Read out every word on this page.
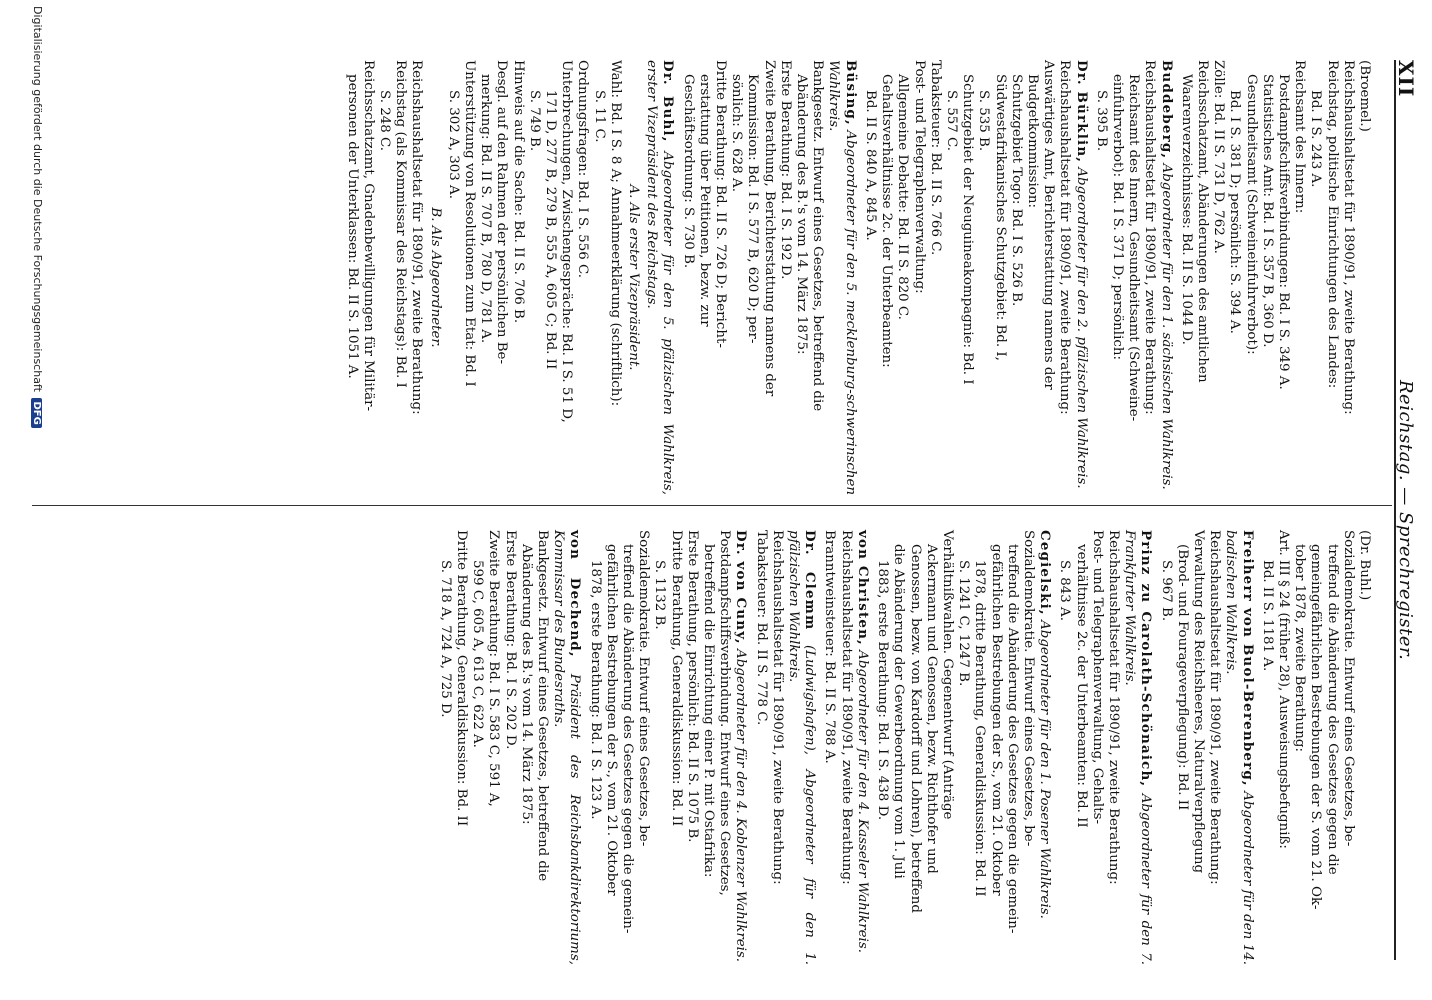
XII
Reichstag. — Sprechregister.
(Broemel.)
Reichshaushaltsetat für 1890/91, zweite Berathung:
Reichstag, politische Einrichtungen des Landes:
Bd. I S. 243 A.
Reichsamt des Innern:
Postdampfschiffsverbindungen: Bd. I S. 349 A.
Statistisches Amt: Bd. I S. 357 B, 360 D.
Gesundheitsamt (Schweineinfuhrverbot):
Bd. I S. 381 D; persönlich: S. 394 A.
Zölle: Bd. II S. 731 D, 762 A.
Reichsschatzamt, Abänderungen des amtlichen
Waarenverzeichnisses: Bd. II S. 1044 D.
Buddeberg, Abgeordneter für den 1. sächsischen Wahlkreis.
Reichshaushaltsetat für 1890/91, zweite Berathung:
Reichsamt des Innern, Gesundheitsamt (Schweine-
einfuhrverbot): Bd. I S. 371 D; persönlich:
S. 395 B.
Dr. Bürklin, Abgeordneter für den 2. pfälzischen Wahlkreis.
Reichshaushaltsetat für 1890/91, zweite Berathung:
Auswärtiges Amt, Berichterstattung namens der
Budgetkommission:
Schutzgebiet Togo: Bd. I S. 526 B.
Südwestafrikanisches Schutzgebiet: Bd. I,
S. 535 B.
Schutzgebiet der Neuguineakompagnie: Bd. I
S. 557 C.
Tabaksteuer: Bd. II S. 766 C.
Post- und Telegraphenverwaltung:
Allgemeine Debatte: Bd. II S. 820 C.
Gehaltsverhältnisse 2c. der Unterbeamten:
Bd. II S. 840 A, 845 A.
Büsing, Abgeordneter für den 5. mecklenburg-schwerinschen Wahlkreis.
Bankgesetz. Entwurf eines Gesetzes, betreffend die
Abänderung des B.'s vom 14. März 1875:
Erste Berathung: Bd. I S. 192 D.
Zweite Berathung, Berichterstattung namens der
Kommission: Bd. I S. 577 B, 620 D; per-
sönlich: S. 628 A.
Dritte Berathung: Bd. II S. 726 D; Bericht-
erstattung über Petitionen, bezw. zur
Geschäftsordnung: S. 730 B.
Dr. Buhl, Abgeordneter für den 5. pfälzischen Wahlkreis, erster Vizepräsident des Reichstags.
A. Als erster Vizepräsident.
Wahl: Bd. I S. 8 A; Annahmeerklärung (schriftlich):
S. 11 C.
Ordnungsfragen: Bd. I S. 556 C.
Unterbrechungen, Zwischengespräche: Bd. I S. 51 D,
171 D, 277 B, 279 B, 555 A, 605 C; Bd. II
S. 749 B.
Hinweis auf die Sache: Bd. II S. 706 B.
Desgl. auf den Rahmen der persönlichen Be-
merkung: Bd. II S. 707 B, 780 D, 781 A.
Unterstützung von Resolutionen zum Etat: Bd. I
S. 302 A, 303 A.
B. Als Abgeordneter.
Reichshaushaltsetat für 1890/91, zweite Berathung:
Reichstag (als Kommissar des Reichstags): Bd. I
S. 248 C.
Reichsschatzamt, Gnadenbewilligungen für Militär-
personen der Unterklassen: Bd. II S. 1051 A.
(Dr. Buhl.)
Sozialdemokratie. Entwurf eines Gesetzes, be-
treffend die Abänderung des Gesetzes gegen die
gemeingefährlichen Bestrebungen der S. vom 21. Ok-
tober 1878, zweite Berathung:
Art. III § 24 (früher 28), Ausweisungsbefugniß:
Bd. II S. 1181 A.
Freiherr von Buol-Berenberg, Abgeordneter für den 14. badischen Wahlkreis.
Reichshaushaltsetat für 1890/91, zweite Berathung:
Verwaltung des Reichsheeres, Naturalverpflegung
(Brod- und Fourageverpflegung): Bd. II
S. 967 B.
Prinz zu Carolath-Schönaich, Abgeordneter für den 7. Frankfurter Wahlkreis.
Reichshaushaltsetat für 1890/91, zweite Berathung:
Post- und Telegraphenverwaltung, Gehalts-
verhältnisse 2c. der Unterbeamten: Bd. II
S. 843 A.
Cegielski, Abgeordneter für den 1. Posener Wahlkreis.
Sozialdemokratie. Entwurf eines Gesetzes, be-
treffend die Abänderung des Gesetzes gegen die gemein-
gefährlichen Bestrebungen der S., vom 21. Oktober
1878, dritte Berathung, Generaldiskussion: Bd. II
S. 1241 C, 1247 B.
Verhältnißwahlen. Gegenentwurf (Anträge
Ackermann und Genossen, bezw. Richthofer und
Genossen, bezw. von Kardorff und Lohren), betreffend
die Abänderung der Gewerbeordnung vom 1. Juli
1883, erste Berathung: Bd. I S. 438 D.
von Christen, Abgeordneter für den 4. Kasseler Wahlkreis.
Reichshaushaltsetat für 1890/91, zweite Berathung:
Branntweinsteuer: Bd. II S. 788 A.
Dr. Clemm (Ludwigshafen), Abgeordneter für den 1. pfälzischen Wahlkreis.
Reichshaushaltsetat für 1890/91, zweite Berathung:
Tabaksteuer: Bd. II S. 778 C.
Dr. von Cuny, Abgeordneter für den 4. Koblenzer Wahlkreis.
Postdampfschiffsverbindung. Entwurf eines Gesetzes,
betreffend die Einrichtung einer P. mit Ostafrika:
Erste Berathung, persönlich: Bd. II S. 1075 B.
Dritte Berathung, Generaldiskussion: Bd. II
S. 1132 B.
Sozialdemokratie. Entwurf eines Gesetzes, be-
treffend die Abänderung des Gesetzes gegen die gemein-
gefährlichen Bestrebungen der S., vom 21. Oktober
1878, erste Berathung: Bd. I S. 123 A.
von Dechend, Präsident des Reichsbankdirektoriums, Kommissar des Bundesraths.
Bankgesetz. Entwurf eines Gesetzes, betreffend die
Abänderung des B.'s vom 14. März 1875:
Erste Berathung: Bd. I S. 202 D.
Zweite Berathung: Bd. I S. 583 C, 591 A,
599 C, 605 A, 613 C, 622 A.
Dritte Berathung, Generaldiskussion: Bd. II
S. 718 A, 724 A, 725 D.
Digitalisierung gefördert durch die Deutsche Forschungsgemeinschaft DFG
